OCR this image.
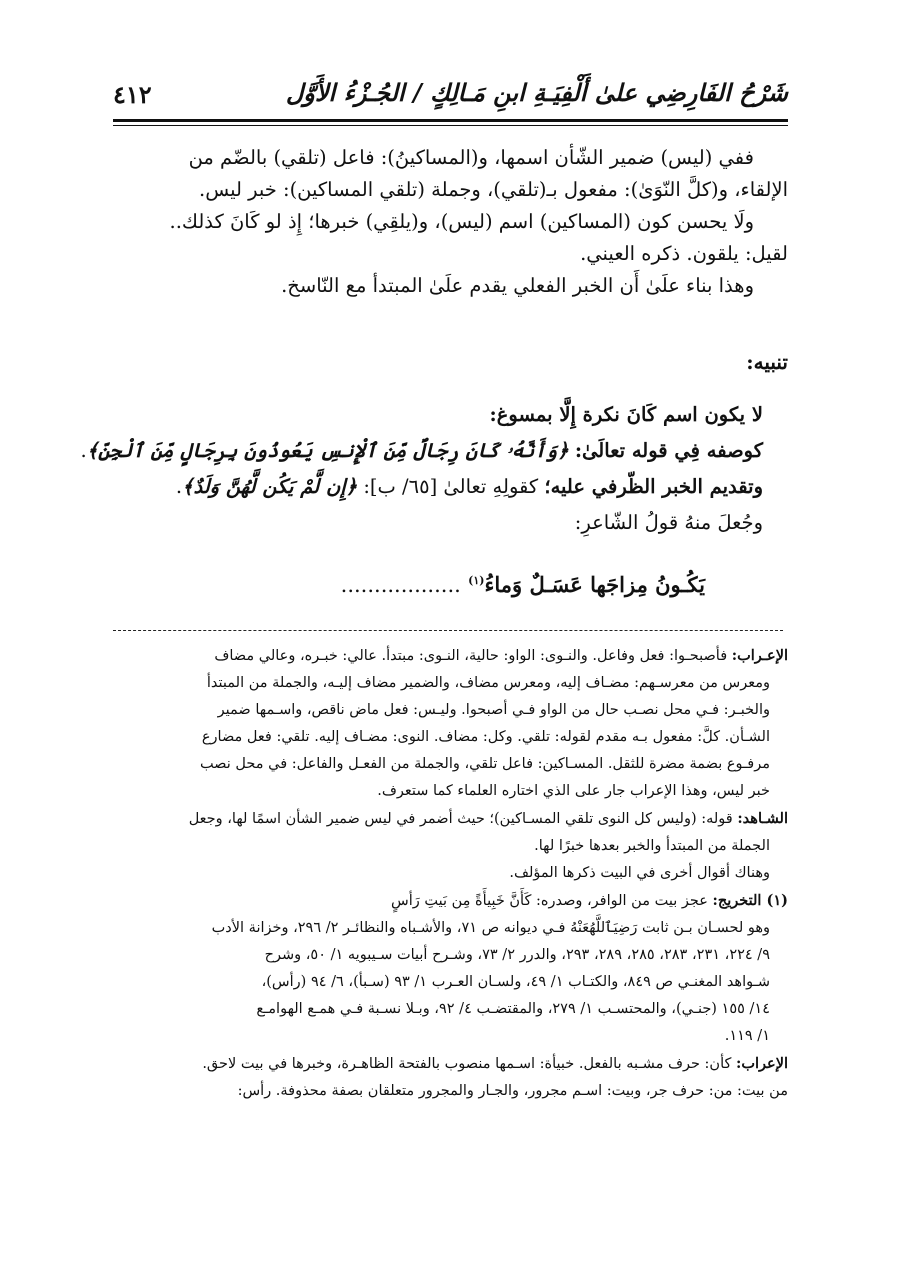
شَرْحُ الفَارِضِي علىٰ أَلْفِيَـةِ ابنِ مَـالِكٍ / الجُـزْءُ الأَوَّل
٤١٢

ففي (ليس) ضمير الشّأن اسمها، و(المساكينُ): فاعل (تلقي) بالضّم من

الإلقاء، و(كلَّ النّوَىٰ): مفعول بـ(تلقي)، وجملة (تلقي المساكين): خبر ليس.

ولَا يحسن كون (المساكين) اسم (ليس)، و(يلقِي) خبرها؛ إِذ لو كَانَ كذلك..

لقيل: يلقون. ذكره العيني.

وهذا بناء علَىٰ أَن الخبر الفعلي يقدم علَىٰ المبتدأ مع النّاسخ.

تنبيه:

لا يكون اسم كَانَ نكرة إِلَّا بمسوغ:

كوصفه فِي قوله تعالَىٰ: ﴿وَأَنَّهُۥ كَانَ رِجَالٌ مِّنَ ٱلْإِنسِ يَعُوذُونَ بِرِجَالٍ مِّنَ ٱلْجِنِّ﴾.

وتقديم الخبر الظّرفي عليه؛ كقولِهِ تعالىٰ [٦٥/ ب]: ﴿إِن لَّمْ يَكُن لَّهُنَّ وَلَدٌ﴾.

وجُعلَ منهُ قولُ الشّاعرِ:

يَكُـونُ مِزاجَها عَسَـلٌ وَماءُ$^{(١)}$ ..................

الإعـراب: فأصبحـوا: فعل وفاعل. والنـوى: الواو: حالية، النـوى: مبتدأ. عالي: خبـره، وعالي مضاف

ومعرس من معرسـهم: مضـاف إليه، ومعرس مضاف، والضمير مضاف إليـه، والجملة من المبتدأ

والخبـر: فـي محل نصـب حال من الواو فـي أصبحوا. وليـس: فعل ماض ناقص، واسـمها ضمير

الشـأن. كلَّ: مفعول بـه مقدم لقوله: تلقي. وكل: مضاف. النوى: مضـاف إليه. تلقي: فعل مضارع

مرفـوع بضمة مضرة للثقل. المسـاكين: فاعل تلقي، والجملة من الفعـل والفاعل: في محل نصب

خبر ليس، وهذا الإعراب جار على الذي اختاره العلماء كما ستعرف.

الشـاهد: قوله: (وليس كل النوى تلقي المسـاكين)؛ حيث أضمر في ليس ضمير الشأن اسمًا لها، وجعل

الجملة من المبتدأ والخبر بعدها خبرًا لها.

وهناك أقوال أخرى في البيت ذكرها المؤلف.

(١) التخريج: عجز بيت من الوافر، وصدره: كَأَنَّ خَبِيأَةً مِن بَيتِ رَأسٍ

وهو لحسـان بـن ثابت رَضِيَٱللَّهُعَنْهُ فـي ديوانه ص ٧١، والأشـباه والنظائـر ٢/ ٢٩٦، وخزانة الأدب

٩/ ٢٢٤، ٢٣١، ٢٨٣، ٢٨٥، ٢٨٩، ٢٩٣، والدرر ٢/ ٧٣، وشـرح أبيات سـيبويه ١/ ٥٠، وشرح

شـواهد المغنـي ص ٨٤٩، والكتـاب ١/ ٤٩، ولسـان العـرب ١/ ٩٣ (سـبأ)، ٦/ ٩٤ (رأس)،

١٤/ ١٥٥ (جنـي)، والمحتسـب ١/ ٢٧٩، والمقتضـب ٤/ ٩٢، وبـلا نسـبة فـي همـع الهوامـع

١/ ١١٩.

الإعراب: كأن: حرف مشـبه بالفعل. خبيأة: اسـمها منصوب بالفتحة الظاهـرة، وخبرها في بيت لاحق.

من بيت: من: حرف جر، وبيت: اسـم مجرور، والجـار والمجرور متعلقان بصفة محذوفة. رأس:
